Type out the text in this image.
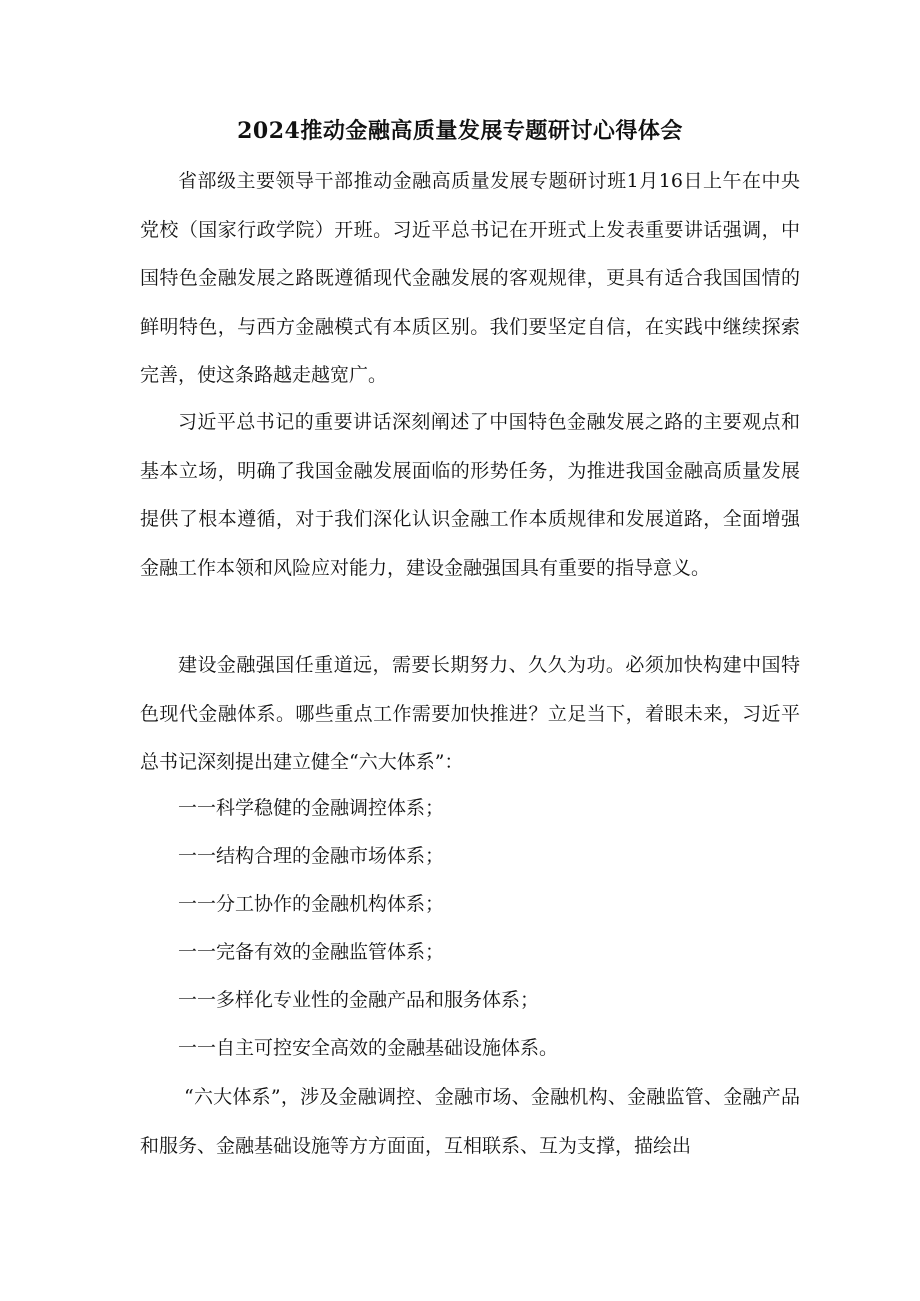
2024推动金融高质量发展专题研讨心得体会

省部级主要领导干部推动金融高质量发展专题研讨班1月16日上午在中央党校（国家行政学院）开班。习近平总书记在开班式上发表重要讲话强调，中国特色金融发展之路既遵循现代金融发展的客观规律，更具有适合我国国情的鲜明特色，与西方金融模式有本质区别。我们要坚定自信，在实践中继续探索完善，使这条路越走越宽广。

习近平总书记的重要讲话深刻阐述了中国特色金融发展之路的主要观点和基本立场，明确了我国金融发展面临的形势任务，为推进我国金融高质量发展提供了根本遵循，对于我们深化认识金融工作本质规律和发展道路，全面增强金融工作本领和风险应对能力，建设金融强国具有重要的指导意义。

建设金融强国任重道远，需要长期努力、久久为功。必须加快构建中国特色现代金融体系。哪些重点工作需要加快推进？立足当下，着眼未来，习近平总书记深刻提出建立健全“六大体系”：

一一科学稳健的金融调控体系；

一一结构合理的金融市场体系；

一一分工协作的金融机构体系；

一一完备有效的金融监管体系；

一一多样化专业性的金融产品和服务体系；

一一自主可控安全高效的金融基础设施体系。

“六大体系”，涉及金融调控、金融市场、金融机构、金融监管、金融产品和服务、金融基础设施等方方面面，互相联系、互为支撑，描绘出
